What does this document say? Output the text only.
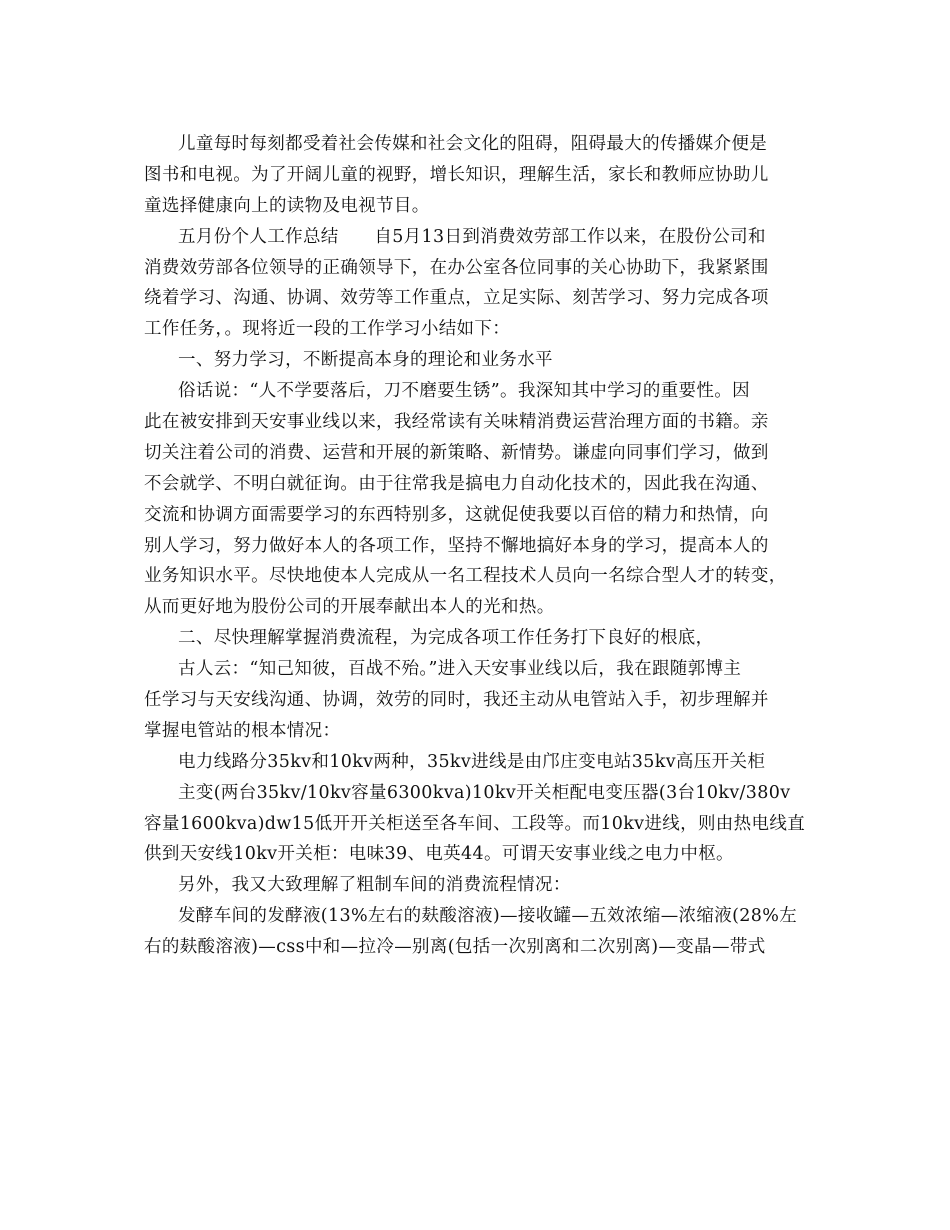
儿童每时每刻都受着社会传媒和社会文化的阻碍，阻碍最大的传播媒介便是
图书和电视。为了开阔儿童的视野，增长知识，理解生活，家长和教师应协助儿
童选择健康向上的读物及电视节目。
五月份个人工作总结　　自5月13日到消费效劳部工作以来，在股份公司和
消费效劳部各位领导的正确领导下，在办公室各位同事的关心协助下，我紧紧围
绕着学习、沟通、协调、效劳等工作重点，立足实际、刻苦学习、努力完成各项
工作任务，。现将近一段的工作学习小结如下：
一、努力学习，不断提高本身的理论和业务水平
俗话说：“人不学要落后，刀不磨要生锈”。我深知其中学习的重要性。因
此在被安排到天安事业线以来，我经常读有关味精消费运营治理方面的书籍。亲
切关注着公司的消费、运营和开展的新策略、新情势。谦虚向同事们学习，做到
不会就学、不明白就征询。由于往常我是搞电力自动化技术的，因此我在沟通、
交流和协调方面需要学习的东西特别多，这就促使我要以百倍的精力和热情，向
别人学习，努力做好本人的各项工作，坚持不懈地搞好本身的学习，提高本人的
业务知识水平。尽快地使本人完成从一名工程技术人员向一名综合型人才的转变，
从而更好地为股份公司的开展奉献出本人的光和热。
二、尽快理解掌握消费流程，为完成各项工作任务打下良好的根底，
古人云：“知己知彼，百战不殆。”进入天安事业线以后，我在跟随郭博主
任学习与天安线沟通、协调，效劳的同时，我还主动从电管站入手，初步理解并
掌握电管站的根本情况：
电力线路分35kv和10kv两种，35kv进线是由邝庄变电站35kv高压开关柜
主变(两台35kv/10kv容量6300kva)10kv开关柜配电变压器(3台10kv/380v
容量1600kva)dw15低开开关柜送至各车间、工段等。而10kv进线，则由热电线直
供到天安线10kv开关柜：电味39、电英44。可谓天安事业线之电力中枢。
另外，我又大致理解了粗制车间的消费流程情况：
发酵车间的发酵液(13%左右的麸酸溶液)—接收罐—五效浓缩—浓缩液(28%左
右的麸酸溶液)—css中和—拉冷—别离(包括一次别离和二次别离)—变晶—带式
